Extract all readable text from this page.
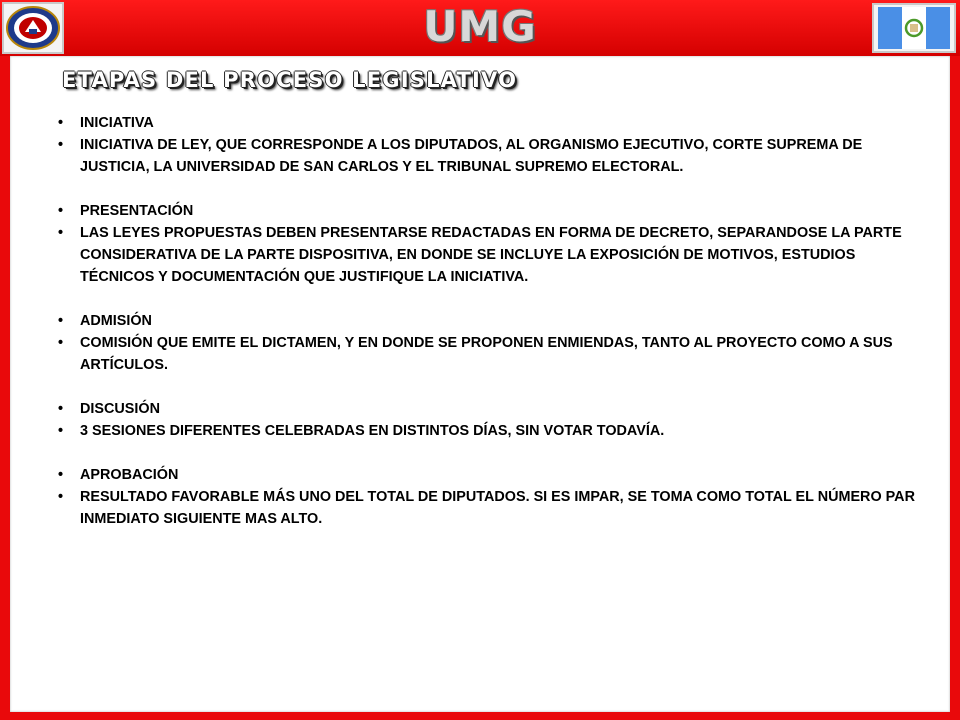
UMG
ETAPAS DEL PROCESO LEGISLATIVO

• INICIATIVA

• INICIATIVA DE LEY, QUE CORRESPONDE A LOS DIPUTADOS, AL ORGANISMO EJECUTIVO, CORTE SUPREMA DE JUSTICIA, LA UNIVERSIDAD DE SAN CARLOS Y EL TRIBUNAL SUPREMO ELECTORAL.

• PRESENTACIÓN

• LAS LEYES PROPUESTAS DEBEN PRESENTARSE REDACTADAS EN FORMA DE DECRETO, SEPARANDOSE LA PARTE CONSIDERATIVA DE LA PARTE DISPOSITIVA, EN DONDE SE INCLUYE LA EXPOSICIÓN DE MOTIVOS, ESTUDIOS TÉCNICOS Y DOCUMENTACIÓN QUE JUSTIFIQUE LA INICIATIVA.

• ADMISIÓN

• COMISIÓN QUE EMITE EL DICTAMEN, Y EN DONDE SE PROPONEN ENMIENDAS, TANTO AL PROYECTO COMO A SUS ARTÍCULOS.

• DISCUSIÓN

• 3 SESIONES DIFERENTES CELEBRADAS EN DISTINTOS DÍAS, SIN VOTAR TODAVÍA.

• APROBACIÓN

• RESULTADO FAVORABLE MÁS UNO DEL TOTAL DE DIPUTADOS. SI ES IMPAR, SE TOMA COMO TOTAL EL NÚMERO PAR INMEDIATO SIGUIENTE MAS ALTO.
